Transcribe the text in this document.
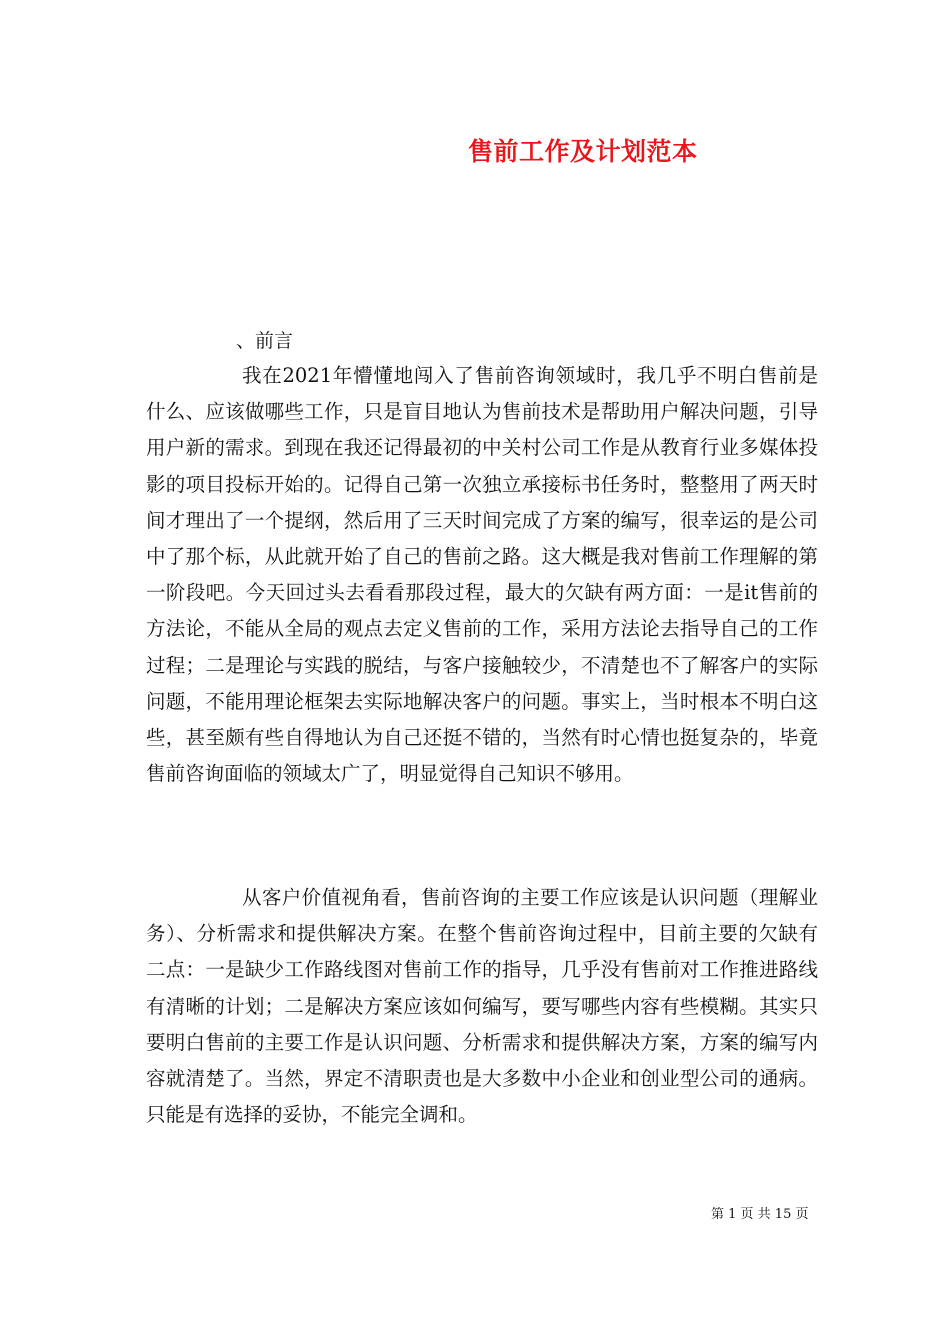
售前工作及计划范本
、前言

我在2021年懵懂地闯入了售前咨询领域时，我几乎不明白售前是什么、应该做哪些工作，只是盲目地认为售前技术是帮助用户解决问题，引导用户新的需求。到现在我还记得最初的中关村公司工作是从教育行业多媒体投影的项目投标开始的。记得自己第一次独立承接标书任务时，整整用了两天时间才理出了一个提纲，然后用了三天时间完成了方案的编写，很幸运的是公司中了那个标，从此就开始了自己的售前之路。这大概是我对售前工作理解的第一阶段吧。今天回过头去看看那段过程，最大的欠缺有两方面：一是it售前的方法论，不能从全局的观点去定义售前的工作，采用方法论去指导自己的工作过程；二是理论与实践的脱结，与客户接触较少，不清楚也不了解客户的实际问题，不能用理论框架去实际地解决客户的问题。事实上，当时根本不明白这些，甚至颇有些自得地认为自己还挺不错的，当然有时心情也挺复杂的，毕竟售前咨询面临的领域太广了，明显觉得自己知识不够用。

从客户价值视角看，售前咨询的主要工作应该是认识问题（理解业务）、分析需求和提供解决方案。在整个售前咨询过程中，目前主要的欠缺有二点：一是缺少工作路线图对售前工作的指导，几乎没有售前对工作推进路线有清晰的计划；二是解决方案应该如何编写，要写哪些内容有些模糊。其实只要明白售前的主要工作是认识问题、分析需求和提供解决方案，方案的编写内容就清楚了。当然，界定不清职责也是大多数中小企业和创业型公司的通病。只能是有选择的妥协，不能完全调和。

第 1 页 共 15 页
